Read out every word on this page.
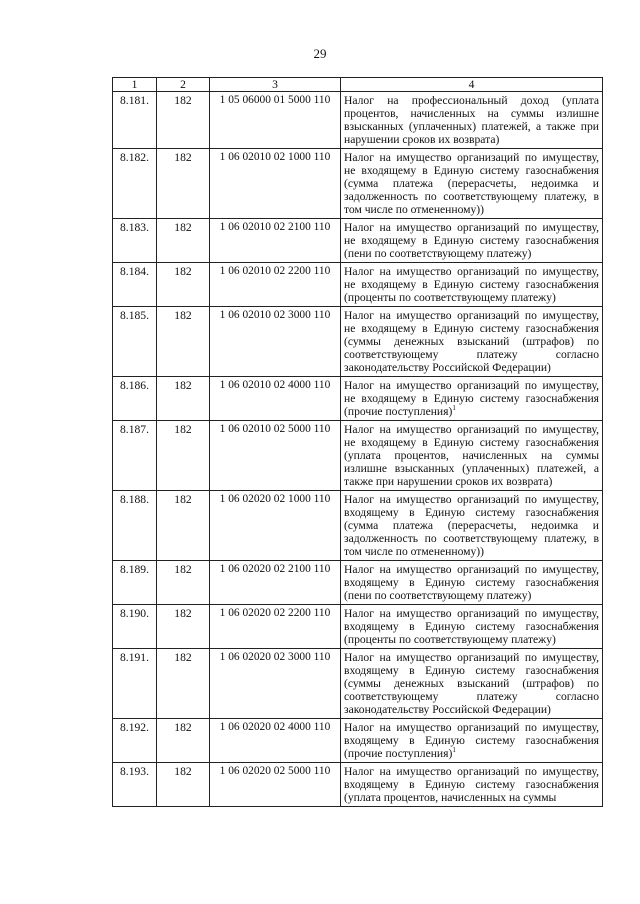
29
1	2	3	4
8.181.	182	1 05 06000 01 5000 110	Налог на профессиональный доход (уплата процентов, начисленных на суммы излишне взысканных (уплаченных) платежей, а также при нарушении сроков их возврата)
8.182.	182	1 06 02010 02 1000 110	Налог на имущество организаций по имуществу, не входящему в Единую систему газоснабжения (сумма платежа (перерасчеты, недоимка и задолженность по соответствующему платежу, в том числе по отмененному))
8.183.	182	1 06 02010 02 2100 110	Налог на имущество организаций по имуществу, не входящему в Единую систему газоснабжения (пени по соответствующему платежу)
8.184.	182	1 06 02010 02 2200 110	Налог на имущество организаций по имуществу, не входящему в Единую систему газоснабжения (проценты по соответствующему платежу)
8.185.	182	1 06 02010 02 3000 110	Налог на имущество организаций по имуществу, не входящему в Единую систему газоснабжения (суммы денежных взысканий (штрафов) по соответствующему платежу согласно законодательству Российской Федерации)
8.186.	182	1 06 02010 02 4000 110	Налог на имущество организаций по имуществу, не входящему в Единую систему газоснабжения (прочие поступления)$^1$
8.187.	182	1 06 02010 02 5000 110	Налог на имущество организаций по имуществу, не входящему в Единую систему газоснабжения (уплата процентов, начисленных на суммы излишне взысканных (уплаченных) платежей, а также при нарушении сроков их возврата)
8.188.	182	1 06 02020 02 1000 110	Налог на имущество организаций по имуществу, входящему в Единую систему газоснабжения (сумма платежа (перерасчеты, недоимка и задолженность по соответствующему платежу, в том числе по отмененному))
8.189.	182	1 06 02020 02 2100 110	Налог на имущество организаций по имуществу, входящему в Единую систему газоснабжения (пени по соответствующему платежу)
8.190.	182	1 06 02020 02 2200 110	Налог на имущество организаций по имуществу, входящему в Единую систему газоснабжения (проценты по соответствующему платежу)
8.191.	182	1 06 02020 02 3000 110	Налог на имущество организаций по имуществу, входящему в Единую систему газоснабжения (суммы денежных взысканий (штрафов) по соответствующему платежу согласно законодательству Российской Федерации)
8.192.	182	1 06 02020 02 4000 110	Налог на имущество организаций по имуществу, входящему в Единую систему газоснабжения (прочие поступления)$^1$
8.193.	182	1 06 02020 02 5000 110	Налог на имущество организаций по имуществу, входящему в Единую систему газоснабжения (уплата процентов, начисленных на суммы
